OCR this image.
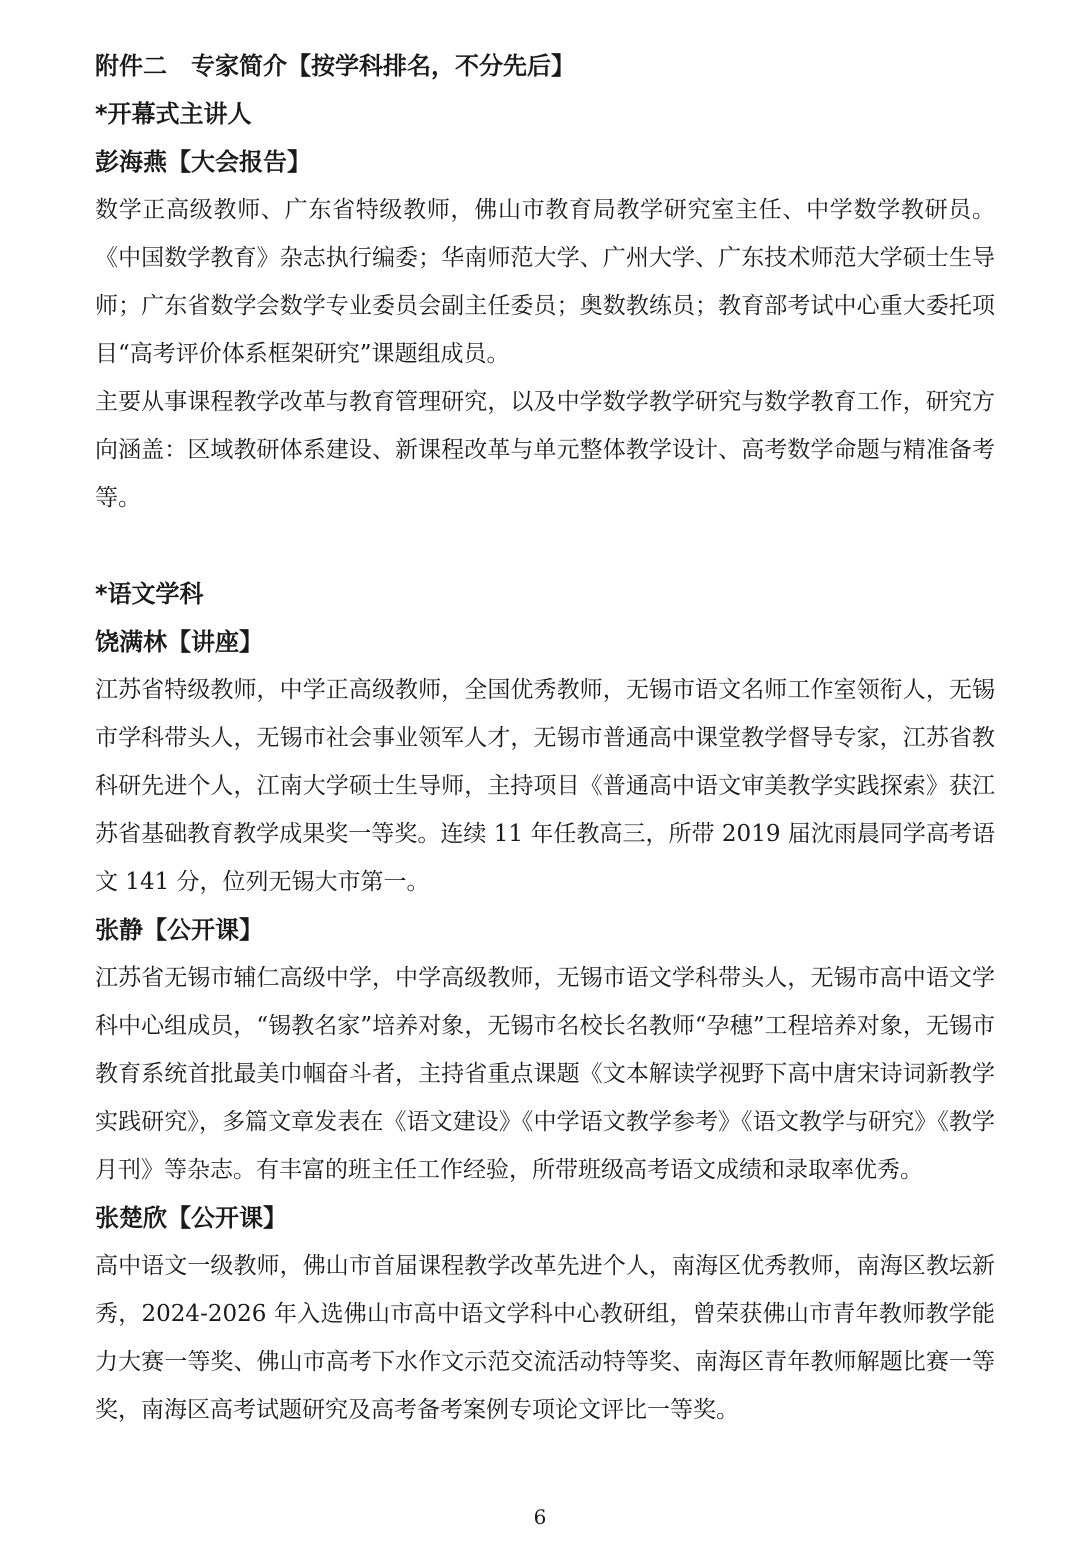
附件二　专家简介【按学科排名，不分先后】

*开幕式主讲人

彭海燕【大会报告】

数学正高级教师、广东省特级教师，佛山市教育局教学研究室主任、中学数学教研员。《中国数学教育》杂志执行编委；华南师范大学、广州大学、广东技术师范大学硕士生导师；广东省数学会数学专业委员会副主任委员；奥数教练员；教育部考试中心重大委托项目“高考评价体系框架研究”课题组成员。

主要从事课程教学改革与教育管理研究，以及中学数学教学研究与数学教育工作，研究方向涵盖：区域教研体系建设、新课程改革与单元整体教学设计、高考数学命题与精准备考等。

*语文学科

饶满林【讲座】

江苏省特级教师，中学正高级教师，全国优秀教师，无锡市语文名师工作室领衔人，无锡市学科带头人，无锡市社会事业领军人才，无锡市普通高中课堂教学督导专家，江苏省教科研先进个人，江南大学硕士生导师，主持项目《普通高中语文审美教学实践探索》获江苏省基础教育教学成果奖一等奖。连续 11 年任教高三，所带 2019 届沈雨晨同学高考语文 141 分，位列无锡大市第一。

张静【公开课】

江苏省无锡市辅仁高级中学，中学高级教师，无锡市语文学科带头人，无锡市高中语文学科中心组成员，“锡教名家”培养对象，无锡市名校长名教师“孕穗”工程培养对象，无锡市教育系统首批最美巾帼奋斗者，主持省重点课题《文本解读学视野下高中唐宋诗词新教学实践研究》，多篇文章发表在《语文建设》《中学语文教学参考》《语文教学与研究》《教学月刊》等杂志。有丰富的班主任工作经验，所带班级高考语文成绩和录取率优秀。

张楚欣【公开课】

高中语文一级教师，佛山市首届课程教学改革先进个人，南海区优秀教师，南海区教坛新秀，2024-2026 年入选佛山市高中语文学科中心教研组，曾荣获佛山市青年教师教学能力大赛一等奖、佛山市高考下水作文示范交流活动特等奖、南海区青年教师解题比赛一等奖，南海区高考试题研究及高考备考案例专项论文评比一等奖。

6
